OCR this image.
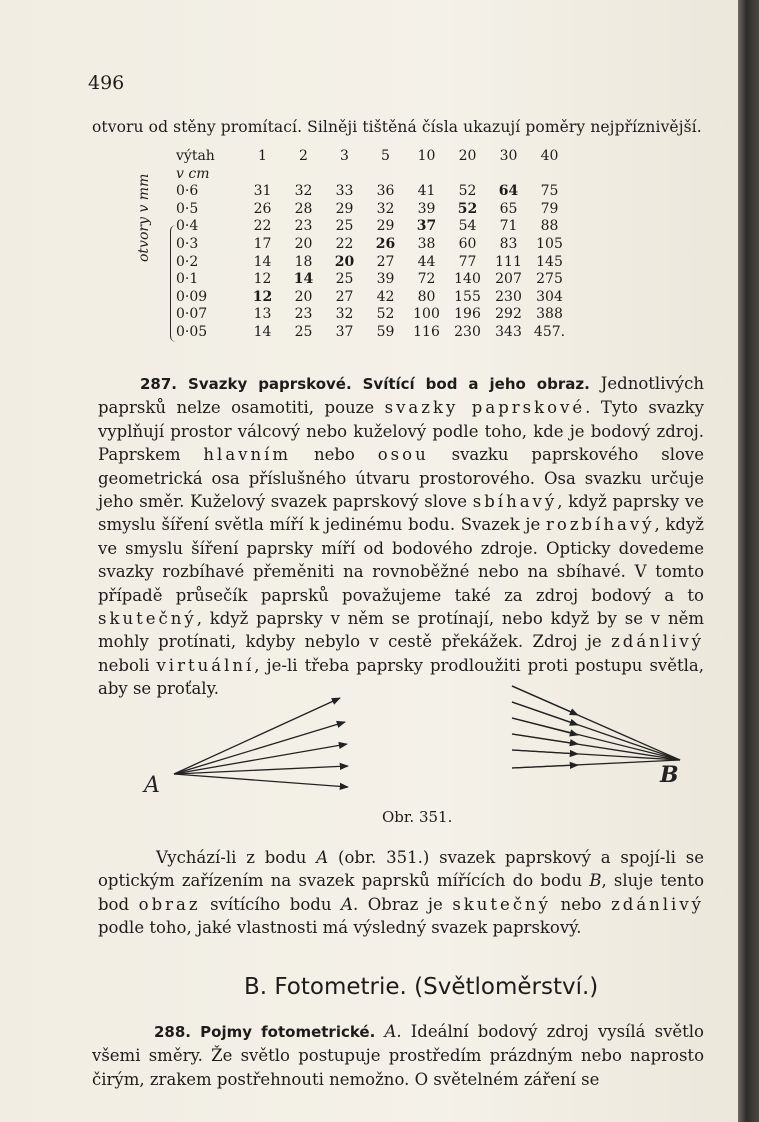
496
otvoru od stěny promítací. Silněji tištěná čísla ukazují poměry nejpříznivější.
otvory v mm
výtah	1	2	3	5	10	20	30	40
v cm								
0·6	31	32	33	36	41	52	64	75
0·5	26	28	29	32	39	52	65	79
0·4	22	23	25	29	37	54	71	88
0·3	17	20	22	26	38	60	83	105
0·2	14	18	20	27	44	77	111	145
0·1	12	14	25	39	72	140	207	275
0·09	12	20	27	42	80	155	230	304
0·07	13	23	32	52	100	196	292	388
0·05	14	25	37	59	116	230	343	457.

287. Svazky paprskové. Svítící bod a jeho obraz. Jednotlivých paprsků nelze osamotiti, pouze svazky paprskové. Tyto svazky vyplňují prostor válcový nebo kuželový podle toho, kde je bodový zdroj. Paprskem hlavním nebo osou svazku paprskového slove geometrická osa příslušného útvaru prostorového. Osa svazku určuje jeho směr. Kuželový svazek paprskový slove sbíhavý, když paprsky ve smyslu šíření světla míří k jedinému bodu. Svazek je rozbíhavý, když ve smyslu šíření paprsky míří od bodového zdroje. Opticky dovedeme svazky rozbíhavé přeměniti na rovnoběžné nebo na sbíhavé. V tomto případě průsečík paprsků považujeme také za zdroj bodový a to skutečný, když paprsky v něm se protínají, nebo když by se v něm mohly protínati, kdyby nebylo v cestě překážek. Zdroj je zdánlivý neboli virtuální, je-li třeba paprsky prodloužiti proti postupu světla, aby se proťaly.

A	B
Obr. 351.

Vychází-li z bodu A (obr. 351.) svazek paprskový a spojí-li se optickým zařízením na svazek paprsků mířících do bodu B, slujе tento bod obraz svítícího bodu A. Obraz je skutečný nebo zdánlivý podle toho, jaké vlastnosti má výsledný svazek paprskový.

B. Fotometrie. (Světloměrství.)

288. Pojmy fotometrické. A. Ideální bodový zdroj vysílá světlo všemi směry. Že světlo postupuje prostředím prázdným nebo naprosto čirým, zrakem postřehnouti nemožno. O světelném záření se
